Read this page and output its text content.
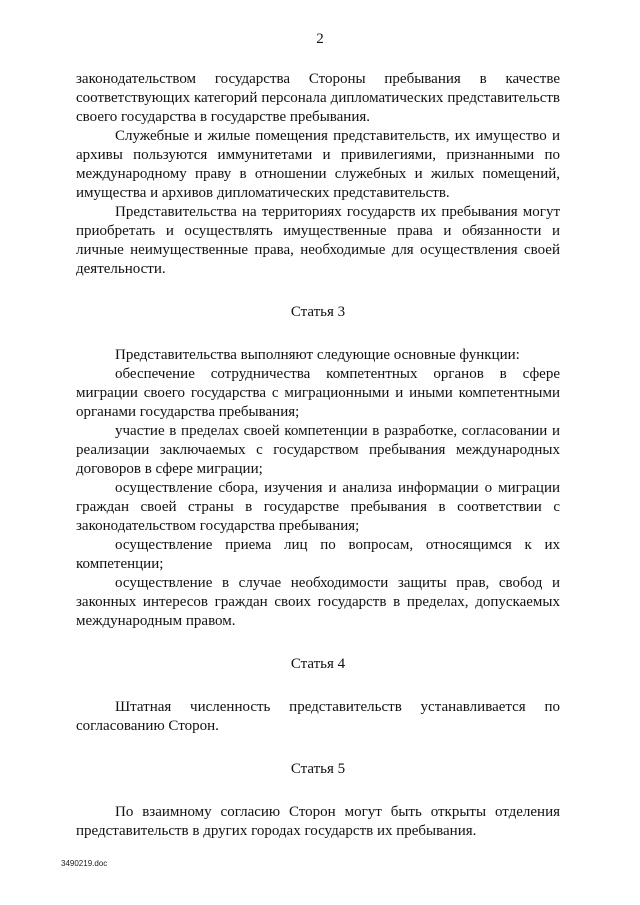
2

законодательством государства Стороны пребывания в качестве соответствующих категорий персонала дипломатических представительств своего государства в государстве пребывания.

Служебные и жилые помещения представительств, их имущество и архивы пользуются иммунитетами и привилегиями, признанными по международному праву в отношении служебных и жилых помещений, имущества и архивов дипломатических представительств.

Представительства на территориях государств их пребывания могут приобретать и осуществлять имущественные права и обязанности и личные неимущественные права, необходимые для осуществления своей деятельности.

Статья 3

Представительства выполняют следующие основные функции:

обеспечение сотрудничества компетентных органов в сфере миграции своего государства с миграционными и иными компетентными органами государства пребывания;

участие в пределах своей компетенции в разработке, согласовании и реализации заключаемых с государством пребывания международных договоров в сфере миграции;

осуществление сбора, изучения и анализа информации о миграции граждан своей страны в государстве пребывания в соответствии с законодательством государства пребывания;

осуществление приема лиц по вопросам, относящимся к их компетенции;

осуществление в случае необходимости защиты прав, свобод и законных интересов граждан своих государств в пределах, допускаемых международным правом.

Статья 4

Штатная численность представительств устанавливается по согласованию Сторон.

Статья 5

По взаимному согласию Сторон могут быть открыты отделения представительств в других городах государств их пребывания.

3490219.doc
